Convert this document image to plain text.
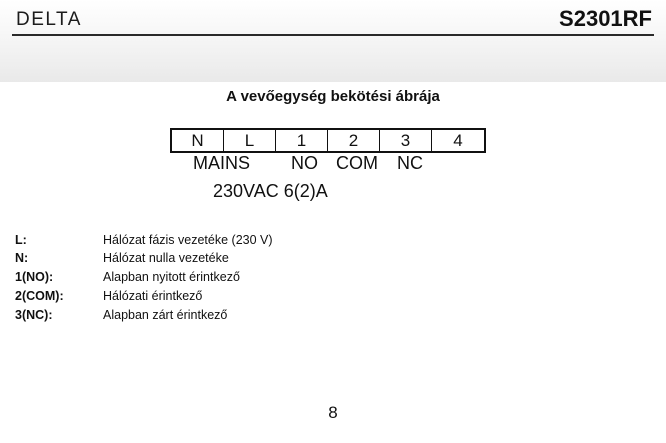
DELTA	S2301RF
A vevőegység bekötési ábrája
N	L	1	2	3	4
MAINS NO COM NC
230VAC 6(2)A
L:	Hálózat fázis vezetéke (230 V)
N:	Hálózat nulla vezetéke
1(NO):	Alapban nyitott érintkező
2(COM):	Hálózati érintkező
3(NC):	Alapban zárt érintkező
8
